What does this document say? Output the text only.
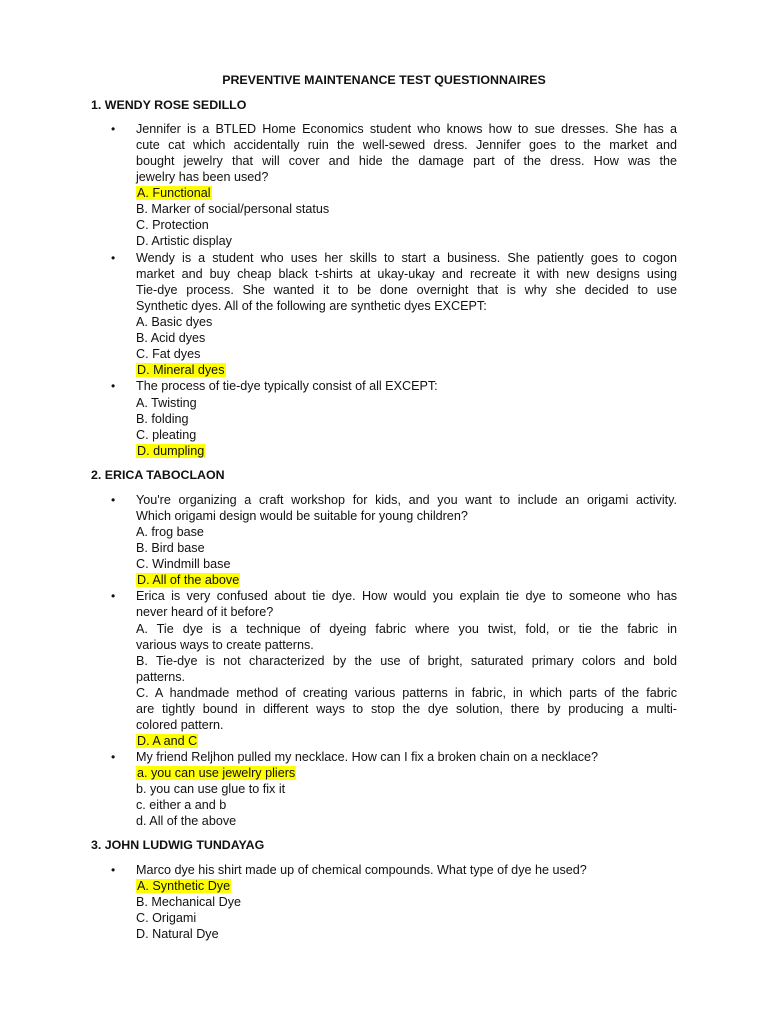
PREVENTIVE MAINTENANCE TEST QUESTIONNAIRES
1. WENDY ROSE SEDILLO
•	Jennifer is a BTLED Home Economics student who knows how to sue dresses. She has a
cute cat which accidentally ruin the well-sewed dress. Jennifer goes to the market and
bought jewelry that will cover and hide the damage part of the dress. How was the
jewelry has been used?
A. Functional
B. Marker of social/personal status
C. Protection
D. Artistic display
•	Wendy is a student who uses her skills to start a business. She patiently goes to cogon
market and buy cheap black t-shirts at ukay-ukay and recreate it with new designs using
Tie-dye process. She wanted it to be done overnight that is why she decided to use
Synthetic dyes. All of the following are synthetic dyes EXCEPT:
A. Basic dyes
B. Acid dyes
C. Fat dyes
D. Mineral dyes
•	The process of tie-dye typically consist of all EXCEPT:
A. Twisting
B. folding
C. pleating
D. dumpling
2. ERICA TABOCLAON
•	You're organizing a craft workshop for kids, and you want to include an origami activity.
Which origami design would be suitable for young children?
A. frog base
B. Bird base
C. Windmill base
D. All of the above
•	Erica is very confused about tie dye. How would you explain tie dye to someone who has
never heard of it before?
A. Tie dye is a technique of dyeing fabric where you twist, fold, or tie the fabric in
various ways to create patterns.
B. Tie-dye is not characterized by the use of bright, saturated primary colors and bold
patterns.
C. A handmade method of creating various patterns in fabric, in which parts of the fabric
are tightly bound in different ways to stop the dye solution, there by producing a multi-
colored pattern.
D. A and C
•	My friend Reljhon pulled my necklace. How can I fix a broken chain on a necklace?
a. you can use jewelry pliers
b. you can use glue to fix it
c. either a and b
d. All of the above
3. JOHN LUDWIG TUNDAYAG
•	Marco dye his shirt made up of chemical compounds. What type of dye he used?
A. Synthetic Dye
B. Mechanical Dye
C. Origami
D. Natural Dye
